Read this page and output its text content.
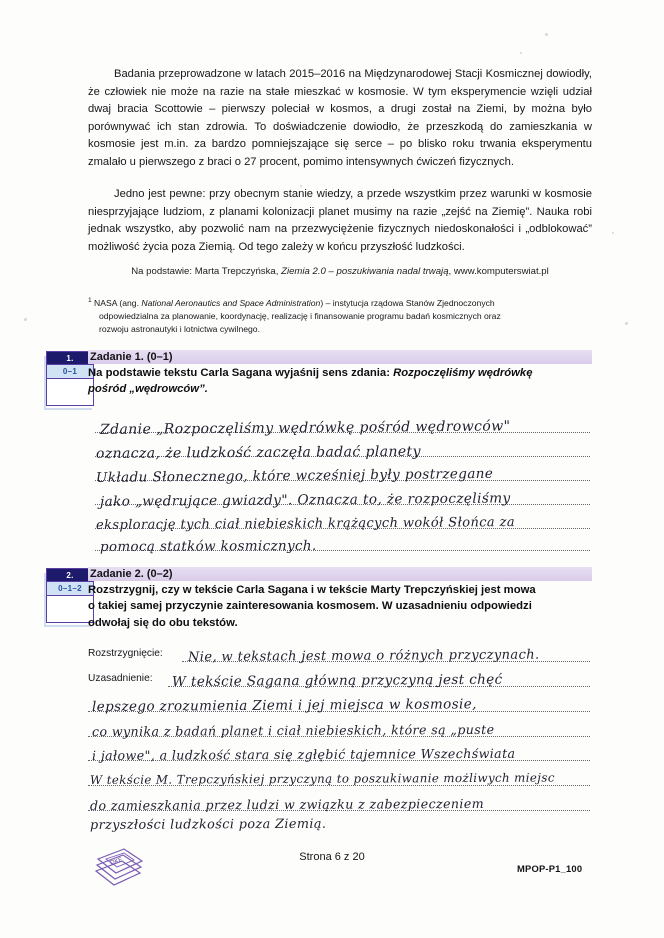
Badania przeprowadzone w latach 2015–2016 na Międzynarodowej Stacji Kosmicznej dowiodły, że człowiek nie może na razie na stałe mieszkać w kosmosie. W tym eksperymencie wzięli udział dwaj bracia Scottowie – pierwszy poleciał w kosmos, a drugi został na Ziemi, by można było porównywać ich stan zdrowia. To doświadczenie dowiodło, że przeszkodą do zamieszkania w kosmosie jest m.in. za bardzo pomniejszające się serce – po blisko roku trwania eksperymentu zmalało u pierwszego z braci o 27 procent, pomimo intensywnych ćwiczeń fizycznych.
Jedno jest pewne: przy obecnym stanie wiedzy, a przede wszystkim przez warunki w kosmosie niesprzyjające ludziom, z planami kolonizacji planet musimy na razie „zejść na Ziemię”. Nauka robi jednak wszystko, aby pozwolić nam na przezwyciężenie fizycznych niedoskonałości i „odblokować” możliwość życia poza Ziemią. Od tego zależy w końcu przyszłość ludzkości.
Na podstawie: Marta Trepczyńska, Ziemia 2.0 – poszukiwania nadal trwają, www.komputerswiat.pl
$^1$ NASA (ang. National Aeronautics and Space Administration) – instytucja rządowa Stanów Zjednoczonych
odpowiedzialna za planowanie, koordynację, realizację i finansowanie programu badań kosmicznych oraz
rozwoju astronautyki i lotnictwa cywilnego.
1.
0–1
Zadanie 1. (0–1)
Na podstawie tekstu Carla Sagana wyjaśnij sens zdania: Rozpoczęliśmy wędrówkę
pośród „wędrowców”.
Zdanie „Rozpoczęliśmy wędrówkę pośród wędrowców"
oznacza, że ludzkość zaczęła badać planety
Układu Słonecznego, które wcześniej były postrzegane
jako „wędrujące gwiazdy". Oznacza to, że rozpoczęliśmy
eksplorację tych ciał niebieskich krążących wokół Słońca za
pomocą statków kosmicznych.
2.
0–1–2
Zadanie 2. (0–2)
Rozstrzygnij, czy w tekście Carla Sagana i w tekście Marty Trepczyńskiej jest mowa
o takiej samej przyczynie zainteresowania kosmosem. W uzasadnieniu odpowiedzi
odwołaj się do obu tekstów.
Rozstrzygnięcie: Nie, w tekstach jest mowa o różnych przyczynach.
Uzasadnienie: W tekście Sagana główną przyczyną jest chęć
lepszego zrozumienia Ziemi i jej miejsca w kosmosie,
co wynika z badań planet i ciał niebieskich, które są „puste
i jałowe", a ludzkość stara się zgłębić tajemnice Wszechświata
W tekście M. Trepczyńskiej przyczyną to poszukiwanie możliwych miejsc
do zamieszkania przez ludzi w związku z zabezpieczeniem
przyszłości ludzkości poza Ziemią.
OKE	Strona 6 z 20
MPOP-P1_100
